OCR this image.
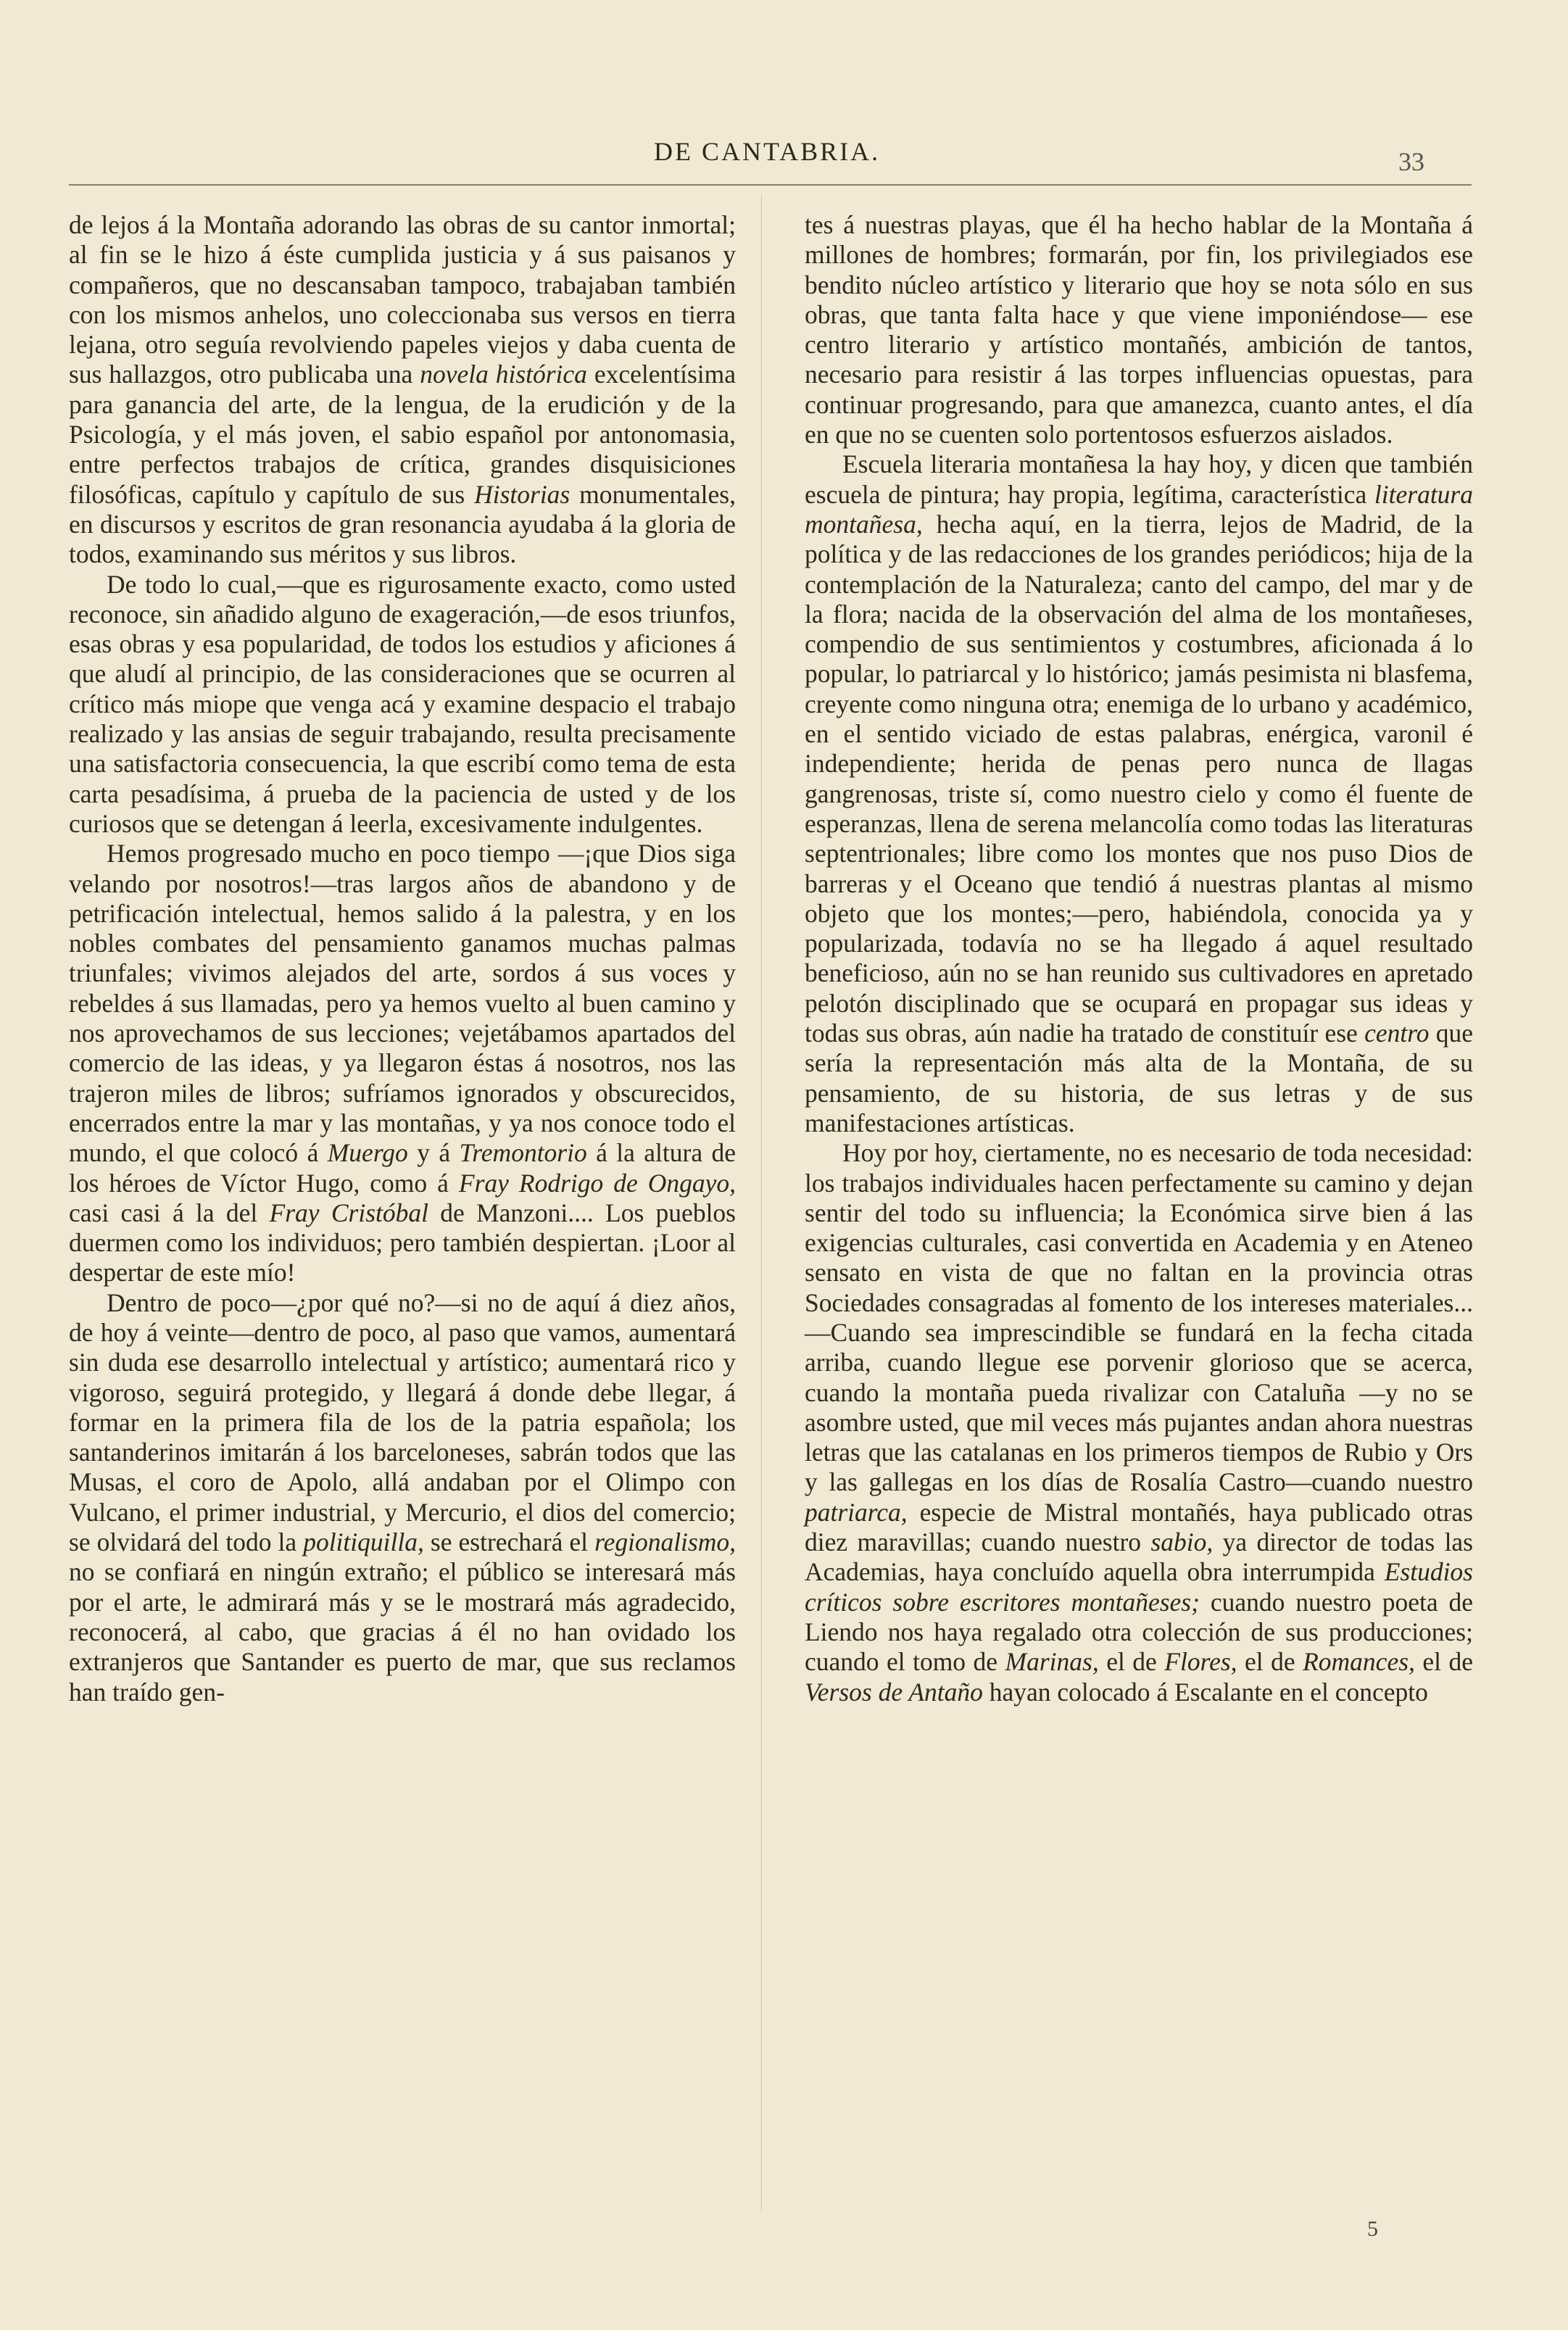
DE CANTABRIA.	33

de lejos á la Montaña adorando las obras de su cantor inmortal; al fin se le hizo á éste cumplida justicia y á sus paisanos y compañeros, que no descansaban tampoco, trabajaban también con los mismos anhelos, uno coleccionaba sus versos en tierra lejana, otro seguía revolviendo papeles viejos y daba cuenta de sus hallazgos, otro publicaba una novela histórica excelentísima para ganancia del arte, de la lengua, de la erudición y de la Psicología, y el más joven, el sabio español por antonomasia, entre perfectos trabajos de crítica, grandes disquisiciones filosóficas, capítulo y capítulo de sus Historias monumentales, en discursos y escritos de gran resonancia ayudaba á la gloria de todos, examinando sus méritos y sus libros.

De todo lo cual,—que es rigurosamente exacto, como usted reconoce, sin añadido alguno de exageración,—de esos triunfos, esas obras y esa popularidad, de todos los estudios y aficiones á que aludí al principio, de las consideraciones que se ocurren al crítico más miope que venga acá y examine despacio el trabajo realizado y las ansias de seguir trabajando, resulta precisamente una satisfactoria consecuencia, la que escribí como tema de esta carta pesadísima, á prueba de la paciencia de usted y de los curiosos que se detengan á leerla, excesivamente indulgentes.

Hemos progresado mucho en poco tiempo —¡que Dios siga velando por nosotros!—tras largos años de abandono y de petrificación intelectual, hemos salido á la palestra, y en los nobles combates del pensamiento ganamos muchas palmas triunfales; vivimos alejados del arte, sordos á sus voces y rebeldes á sus llamadas, pero ya hemos vuelto al buen camino y nos aprovechamos de sus lecciones; vejetábamos apartados del comercio de las ideas, y ya llegaron éstas á nosotros, nos las trajeron miles de libros; sufríamos ignorados y obscurecidos, encerrados entre la mar y las montañas, y ya nos conoce todo el mundo, el que colocó á Muergo y á Tremontorio á la altura de los héroes de Víctor Hugo, como á Fray Rodrigo de Ongayo, casi casi á la del Fray Cristóbal de Manzoni.... Los pueblos duermen como los individuos; pero también despiertan. ¡Loor al despertar de este mío!

Dentro de poco—¿por qué no?—si no de aquí á diez años, de hoy á veinte—dentro de poco, al paso que vamos, aumentará sin duda ese desarrollo intelectual y artístico; aumentará rico y vigoroso, seguirá protegido, y llegará á donde debe llegar, á formar en la primera fila de los de la patria española; los santanderinos imitarán á los barceloneses, sabrán todos que las Musas, el coro de Apolo, allá andaban por el Olimpo con Vulcano, el primer industrial, y Mercurio, el dios del comercio; se olvidará del todo la politiquilla, se estrechará el regionalismo, no se confiará en ningún extraño; el público se interesará más por el arte, le admirará más y se le mostrará más agradecido, reconocerá, al cabo, que gracias á él no han ovidado los extranjeros que Santander es puerto de mar, que sus reclamos han traído gen-

tes á nuestras playas, que él ha hecho hablar de la Montaña á millones de hombres; formarán, por fin, los privilegiados ese bendito núcleo artístico y literario que hoy se nota sólo en sus obras, que tanta falta hace y que viene imponiéndose— ese centro literario y artístico montañés, ambición de tantos, necesario para resistir á las torpes influencias opuestas, para continuar progresando, para que amanezca, cuanto antes, el día en que no se cuenten solo portentosos esfuerzos aislados.

Escuela literaria montañesa la hay hoy, y dicen que también escuela de pintura; hay propia, legítima, característica literatura montañesa, hecha aquí, en la tierra, lejos de Madrid, de la política y de las redacciones de los grandes periódicos; hija de la contemplación de la Naturaleza; canto del campo, del mar y de la flora; nacida de la observación del alma de los montañeses, compendio de sus sentimientos y costumbres, aficionada á lo popular, lo patriarcal y lo histórico; jamás pesimista ni blasfema, creyente como ninguna otra; enemiga de lo urbano y académico, en el sentido viciado de estas palabras, enérgica, varonil é independiente; herida de penas pero nunca de llagas gangrenosas, triste sí, como nuestro cielo y como él fuente de esperanzas, llena de serena melancolía como todas las literaturas septentrionales; libre como los montes que nos puso Dios de barreras y el Oceano que tendió á nuestras plantas al mismo objeto que los montes;—pero, habiéndola, conocida ya y popularizada, todavía no se ha llegado á aquel resultado beneficioso, aún no se han reunido sus cultivadores en apretado pelotón disciplinado que se ocupará en propagar sus ideas y todas sus obras, aún nadie ha tratado de constituír ese centro que sería la representación más alta de la Montaña, de su pensamiento, de su historia, de sus letras y de sus manifestaciones artísticas.

Hoy por hoy, ciertamente, no es necesario de toda necesidad: los trabajos individuales hacen perfectamente su camino y dejan sentir del todo su influencia; la Económica sirve bien á las exigencias culturales, casi convertida en Academia y en Ateneo sensato en vista de que no faltan en la provincia otras Sociedades consagradas al fomento de los intereses materiales...—Cuando sea imprescindible se fundará en la fecha citada arriba, cuando llegue ese porvenir glorioso que se acerca, cuando la montaña pueda rivalizar con Cataluña —y no se asombre usted, que mil veces más pujantes andan ahora nuestras letras que las catalanas en los primeros tiempos de Rubio y Ors y las gallegas en los días de Rosalía Castro—cuando nuestro patriarca, especie de Mistral montañés, haya publicado otras diez maravillas; cuando nuestro sabio, ya director de todas las Academias, haya concluído aquella obra interrumpida Estudios críticos sobre escritores montañeses; cuando nuestro poeta de Liendo nos haya regalado otra colección de sus producciones; cuando el tomo de Marinas, el de Flores, el de Romances, el de Versos de Antaño hayan colocado á Escalante en el concepto

5
